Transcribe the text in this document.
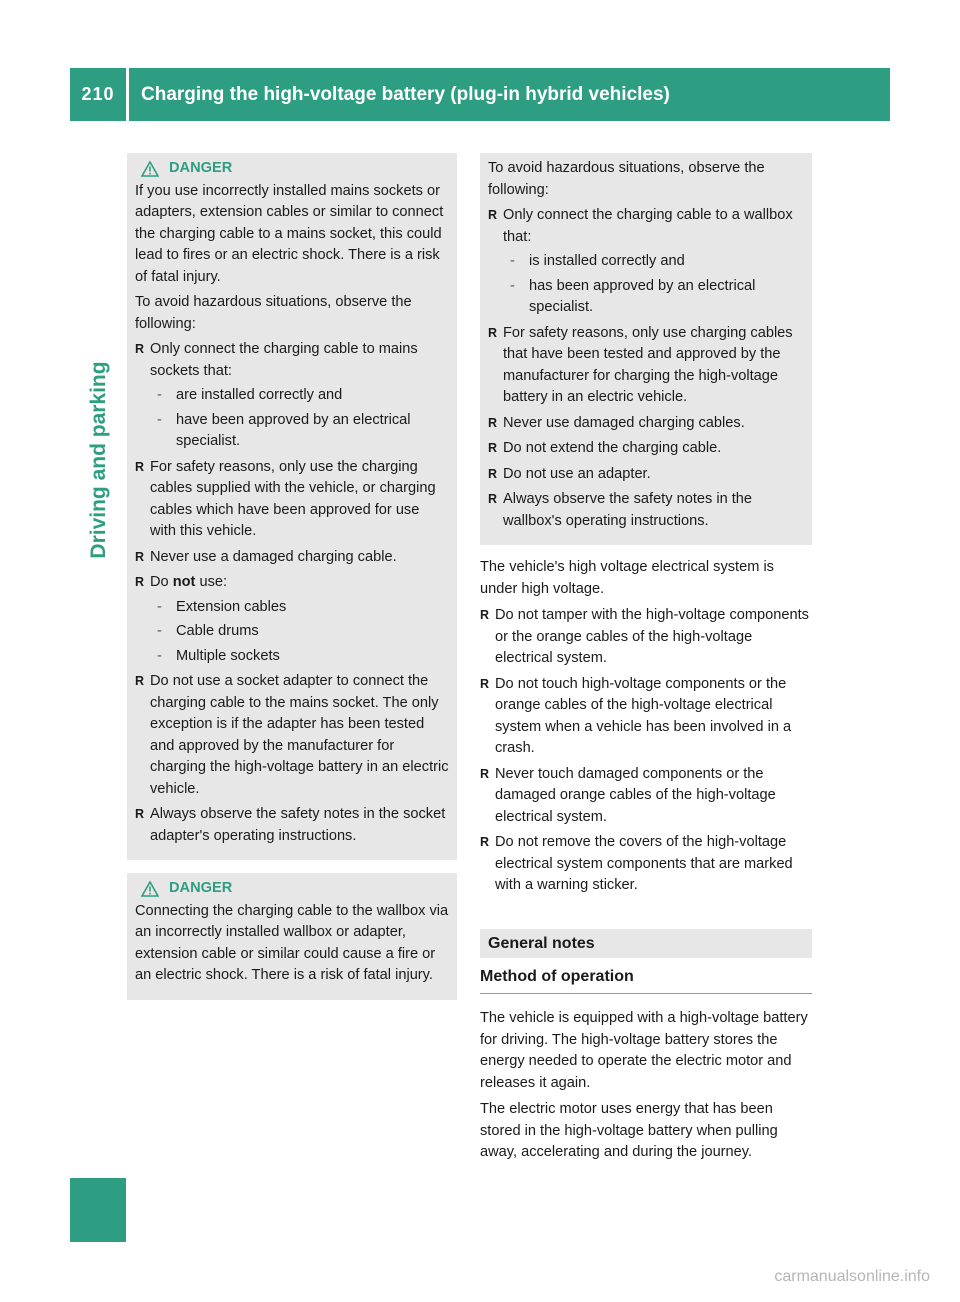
210	Charging the high-voltage battery (plug-in hybrid vehicles)
Driving and parking
DANGER

If you use incorrectly installed mains sockets or adapters, extension cables or similar to connect the charging cable to a mains socket, this could lead to fires or an electric shock. There is a risk of fatal injury.

To avoid hazardous situations, observe the following:

R Only connect the charging cable to mains sockets that:
- are installed correctly and
- have been approved by an electrical specialist.
R For safety reasons, only use the charging cables supplied with the vehicle, or charging cables which have been approved for use with this vehicle.
R Never use a damaged charging cable.
R Do not use:
- Extension cables
- Cable drums
- Multiple sockets
R Do not use a socket adapter to connect the charging cable to the mains socket. The only exception is if the adapter has been tested and approved by the manufacturer for charging the high-voltage battery in an electric vehicle.
R Always observe the safety notes in the socket adapter's operating instructions.
DANGER

Connecting the charging cable to the wallbox via an incorrectly installed wallbox or adapter, extension cable or similar could cause a fire or an electric shock. There is a risk of fatal injury.

To avoid hazardous situations, observe the following:

R Only connect the charging cable to a wallbox that:
- is installed correctly and
- has been approved by an electrical specialist.
R For safety reasons, only use charging cables that have been tested and approved by the manufacturer for charging the high-voltage battery in an electric vehicle.
R Never use damaged charging cables.
R Do not extend the charging cable.
R Do not use an adapter.
R Always observe the safety notes in the wallbox's operating instructions.

The vehicle's high voltage electrical system is under high voltage.

R Do not tamper with the high-voltage components or the orange cables of the high-voltage electrical system.
R Do not touch high-voltage components or the orange cables of the high-voltage electrical system when a vehicle has been involved in a crash.
R Never touch damaged components or the damaged orange cables of the high-voltage electrical system.
R Do not remove the covers of the high-voltage electrical system components that are marked with a warning sticker.
General notes
Method of operation

The vehicle is equipped with a high-voltage battery for driving. The high-voltage battery stores the energy needed to operate the electric motor and releases it again.

The electric motor uses energy that has been stored in the high-voltage battery when pulling away, accelerating and during the journey.

carmanualsonline.info
